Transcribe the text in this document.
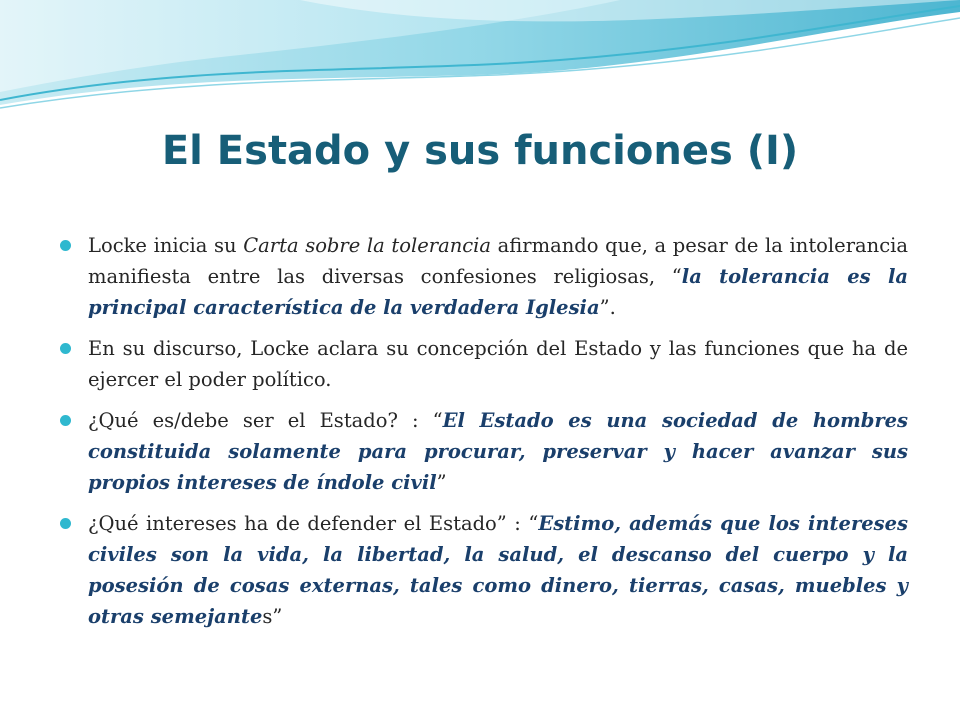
El Estado y sus funciones (I)
Locke inicia su Carta sobre la tolerancia afirmando que, a pesar de la intolerancia manifiesta entre las diversas confesiones religiosas, “la tolerancia es la principal característica de la verdadera Iglesia”.
En su discurso, Locke aclara su concepción del Estado y las funciones que ha de ejercer el poder político.
¿Qué es/debe ser el Estado? : “El Estado es una sociedad de hombres constituida solamente para procurar, preservar y hacer avanzar sus propios intereses de índole civil”
¿Qué intereses ha de defender el Estado” : “Estimo, además que los intereses civiles son la vida, la libertad, la salud, el descanso del cuerpo y la posesión de cosas externas, tales como dinero, tierras, casas, muebles y otras semejantes”
